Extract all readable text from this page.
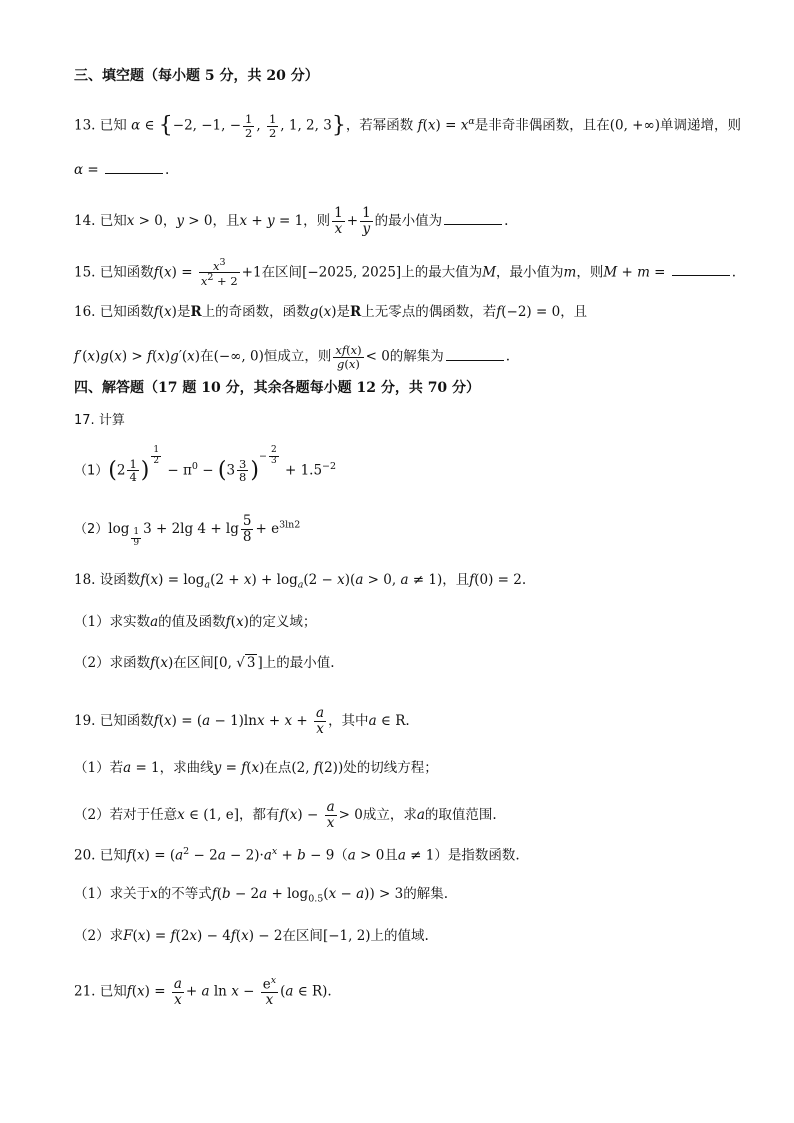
三、填空题（每小题 5 分，共 20 分）
13. 已知 α ∈ {−2, −1, − $\frac{1}{2}$ , $\frac{1}{2}$ , 1, 2, 3}，若幂函数 $f(x) = x^\alpha$是非奇非偶函数，且在(0, +∞)单调递增，则
α =	.
14. 已知x > 0，y > 0，且x + y = 1，则 $\frac{1}{x} + \frac{1}{y}$ 的最小值为	.
15. 已知函数$f(x) = \frac{x^3}{x^2 + 2} +1$在区间[−2025, 2025]上的最大值为M，最小值为m，则M + m =	.
16. 已知函数f(x)是R上的奇函数，函数g(x)是R上无零点的偶函数，若f(−2) = 0，且
f′(x)g(x) > f(x)g′(x)在(−∞, 0)恒成立，则 $\frac{xf(x)}{g(x)} < 0$的解集为	.
四、解答题（17 题 10 分，其余各题每小题 12 分，共 70 分）
17. 计算
$(1)(2 \frac{1}{4}$ )
$^{\frac{1}{2}}$
− $\pi^0 - (3 \frac{3}{8} )^{- \frac{2}{3}}$
+ $1.5^{-2}$
（2）log $_{\frac{1}{9}}$ 3 + 2lg $4 + \lg \frac{5}{8} + e^{3ln2}$
18. 设函数$f(x) = \log_a(2 + x) + \log_a(2 - x)(a > 0$, a ≠ 1)，且f(0) = 2.
（1）求实数a的值及函数f(x)的定义域；
（2）求函数f(x)在区间[0, √ 3 ]上的最小值.
19. 已知函数$f(x) = (a - 1)\ln x + x + \frac{a}{x}$ ，其中a ∈ R.
（1）若a = 1，求曲线y = f(x)在点(2, f(2))处的切线方程；
（2）若对于任意x ∈ (1, e]，都有$f(x) - \frac{a}{x} > 0$成立，求a的取值范围.
20. 已知$f(x) = (a^2 - 2a - 2)\cdot a^x + b - 9(a > 0$且a ≠ 1）是指数函数.
（1）求关于x的不等式$f(b - 2a + \log_{0.5}(x - a)) > 3$的解集.
（2）求F(x) = f(2x) − 4f(x) − 2在区间[−1, 2)上的值域.
21. 已知$f(x) = \frac{a}{x} + a$ $\ln x - \frac{e^x}{x} (a$ ∈ R).
